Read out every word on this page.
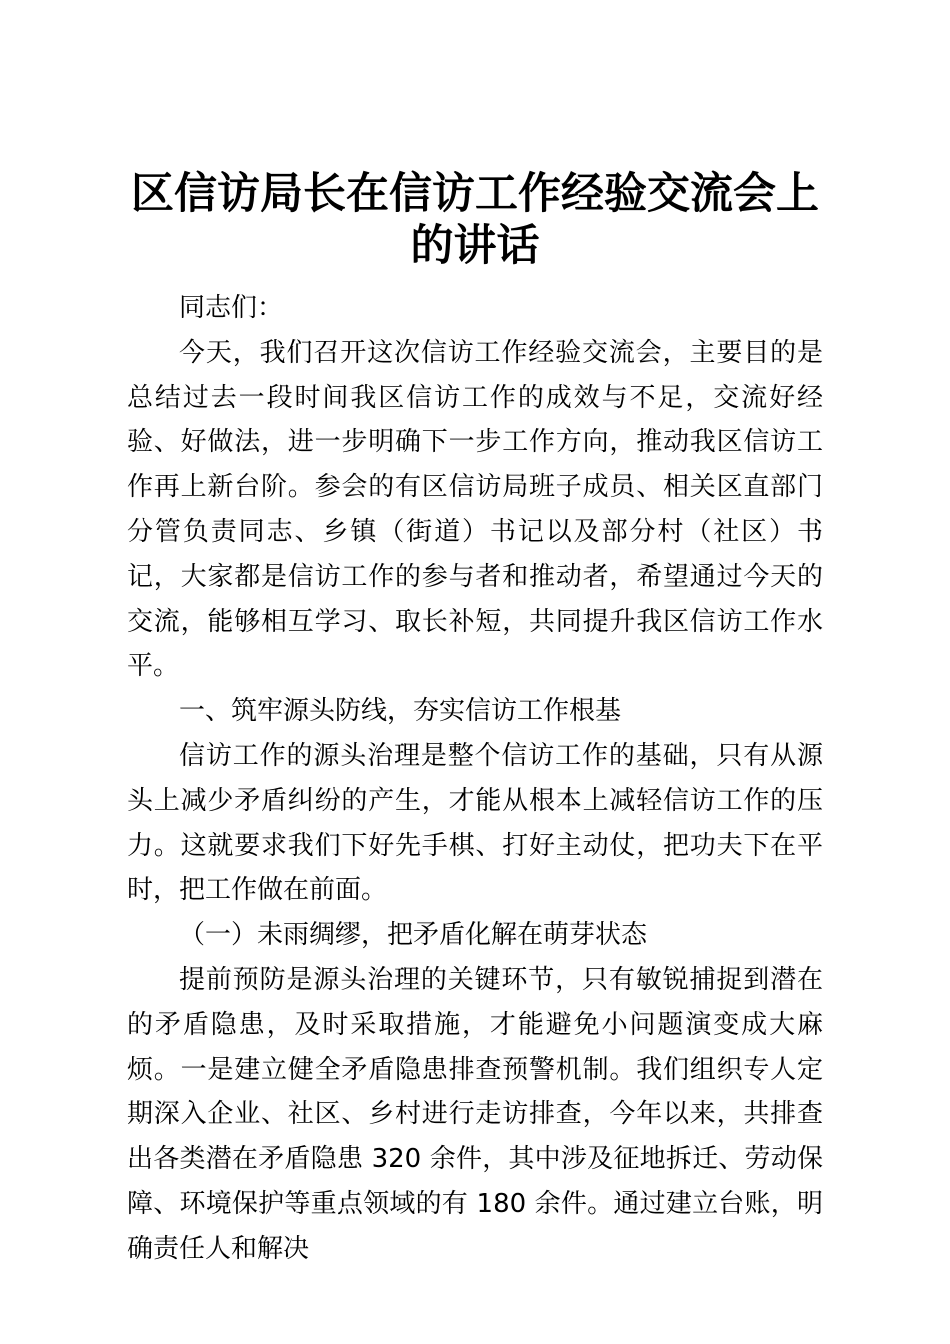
区信访局长在信访工作经验交流会上的讲话

同志们：

今天，我们召开这次信访工作经验交流会，主要目的是总结过去一段时间我区信访工作的成效与不足，交流好经验、好做法，进一步明确下一步工作方向，推动我区信访工作再上新台阶。参会的有区信访局班子成员、相关区直部门分管负责同志、乡镇（街道）书记以及部分村（社区）书记，大家都是信访工作的参与者和推动者，希望通过今天的交流，能够相互学习、取长补短，共同提升我区信访工作水平。

一、筑牢源头防线，夯实信访工作根基

信访工作的源头治理是整个信访工作的基础，只有从源头上减少矛盾纠纷的产生，才能从根本上减轻信访工作的压力。这就要求我们下好先手棋、打好主动仗，把功夫下在平时，把工作做在前面。

（一）未雨绸缪，把矛盾化解在萌芽状态

提前预防是源头治理的关键环节，只有敏锐捕捉到潜在的矛盾隐患，及时采取措施，才能避免小问题演变成大麻烦。一是建立健全矛盾隐患排查预警机制。我们组织专人定期深入企业、社区、乡村进行走访排查，今年以来，共排查出各类潜在矛盾隐患 320 余件，其中涉及征地拆迁、劳动保障、环境保护等重点领域的有 180 余件。通过建立台账，明确责任人和解决
